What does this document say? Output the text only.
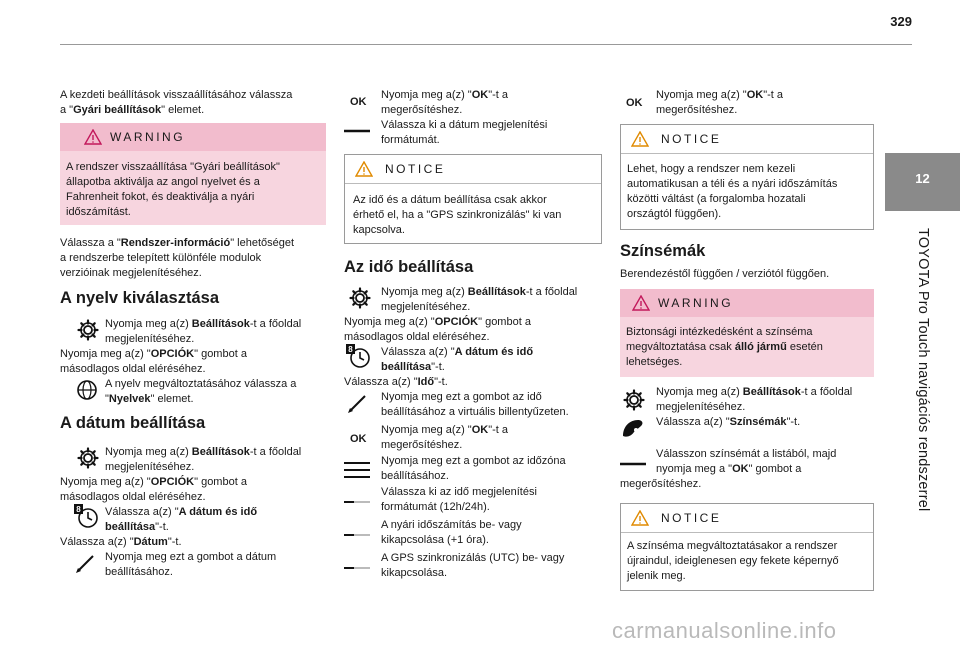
329
12
TOYOTA Pro Touch navigációs rendszerrel

A kezdeti beállítások visszaállításához válassza

a "Gyári beállítások" elemet.

WARNING

A rendszer visszaállítása "Gyári beállítások"

állapotba aktiválja az angol nyelvet és a

Fahrenheit fokot, és deaktiválja a nyári

időszámítást.

Válassza a "Rendszer-információ" lehetőséget

a rendszerbe telepített különféle modulok

verzióinak megjelenítéséhez.

A nyelv kiválasztása

Nyomja meg a(z) Beállítások-t a főoldal

megjelenítéséhez.

Nyomja meg a(z) "OPCIÓK" gombot a

másodlagos oldal eléréséhez.

A nyelv megváltoztatásához válassza a

"Nyelvek" elemet.

A dátum beállítása

Nyomja meg a(z) Beállítások-t a főoldal

megjelenítéséhez.

Nyomja meg a(z) "OPCIÓK" gombot a

másodlagos oldal eléréséhez.

Válassza a(z) "A dátum és idő

beállítása"-t.

Válassza a(z) "Dátum"-t.

Nyomja meg ezt a gombot a dátum

beállításához.

OK

Nyomja meg a(z) "OK"-t a

megerősítéshez.

Válassza ki a dátum megjelenítési

formátumát.

NOTICE

Az idő és a dátum beállítása csak akkor

érhető el, ha a "GPS szinkronizálás" ki van

kapcsolva.

Az idő beállítása

Nyomja meg a(z) Beállítások-t a főoldal

megjelenítéséhez.

Nyomja meg a(z) "OPCIÓK" gombot a

másodlagos oldal eléréséhez.

Válassza a(z) "A dátum és idő

beállítása"-t.

Válassza a(z) "Idő"-t.

Nyomja meg ezt a gombot az idő

beállításához a virtuális billentyűzeten.

OK

Nyomja meg a(z) "OK"-t a

megerősítéshez.

Nyomja meg ezt a gombot az időzóna

beállításához.

Válassza ki az idő megjelenítési

formátumát (12h/24h).

A nyári időszámítás be- vagy

kikapcsolása (+1 óra).

A GPS szinkronizálás (UTC) be- vagy

kikapcsolása.

OK

Nyomja meg a(z) "OK"-t a

megerősítéshez.

NOTICE

Lehet, hogy a rendszer nem kezeli

automatikusan a téli és a nyári időszámítás

közötti váltást (a forgalomba hozatali

országtól függően).

Színsémák

Berendezéstől függően / verziótól függően.

WARNING

Biztonsági intézkedésként a színséma

megváltoztatása csak álló jármű esetén

lehetséges.

Nyomja meg a(z) Beállítások-t a főoldal

megjelenítéséhez.

Válassza a(z) "Színsémák"-t.

Válasszon színsémát a listából, majd

nyomja meg a "OK" gombot a

megerősítéshez.

NOTICE

A színséma megváltoztatásakor a rendszer

újraindul, ideiglenesen egy fekete képernyő

jelenik meg.

carmanualsonline.info
